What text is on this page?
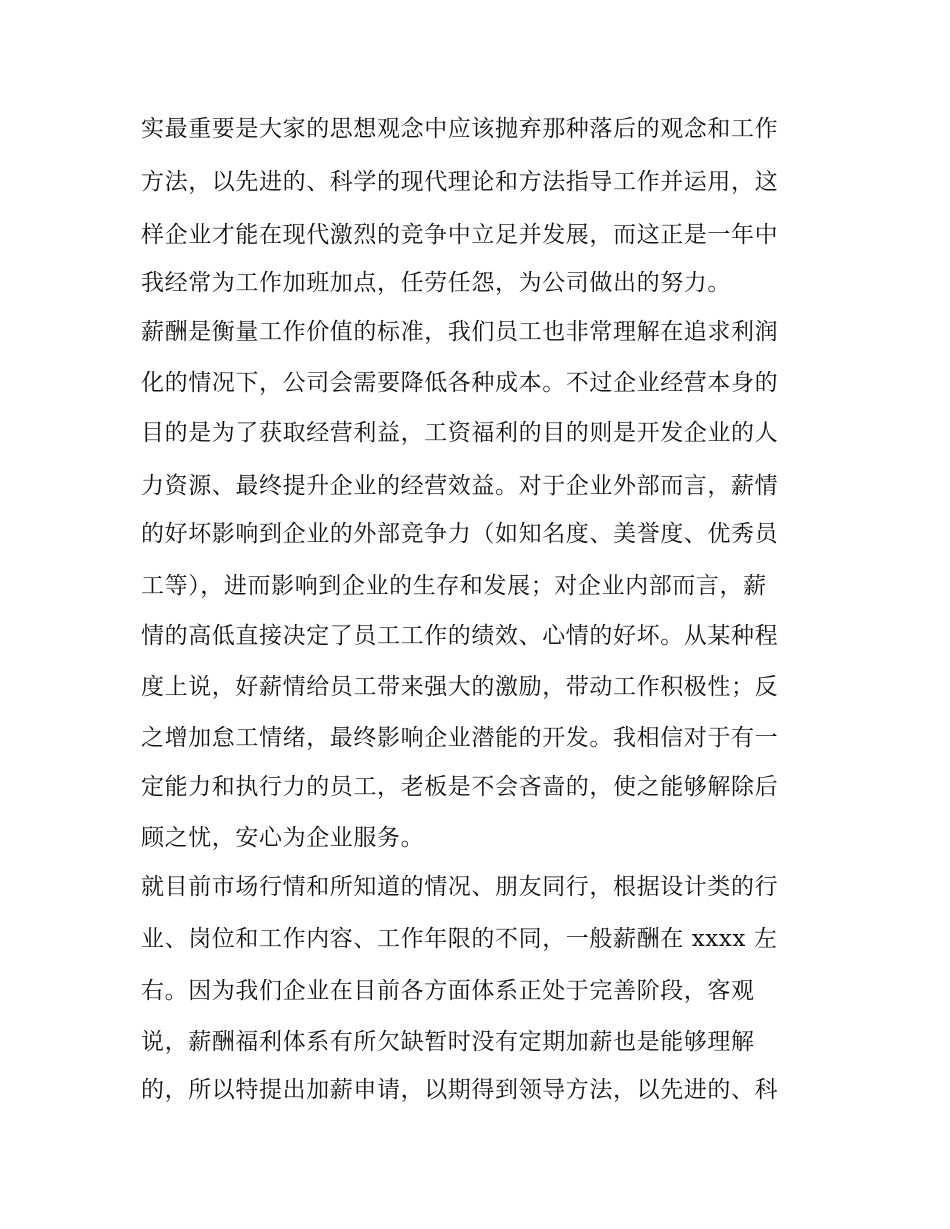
实最重要是大家的思想观念中应该抛弃那种落后的观念和工作
方法，以先进的、科学的现代理论和方法指导工作并运用，这
样企业才能在现代激烈的竞争中立足并发展，而这正是一年中
我经常为工作加班加点，任劳任怨，为公司做出的努力。
薪酬是衡量工作价值的标准，我们员工也非常理解在追求利润
化的情况下，公司会需要降低各种成本。不过企业经营本身的
目的是为了获取经营利益，工资福利的目的则是开发企业的人
力资源、最终提升企业的经营效益。对于企业外部而言，薪情
的好坏影响到企业的外部竞争力（如知名度、美誉度、优秀员
工等），进而影响到企业的生存和发展；对企业内部而言，薪
情的高低直接决定了员工工作的绩效、心情的好坏。从某种程
度上说，好薪情给员工带来强大的激励，带动工作积极性；反
之增加怠工情绪，最终影响企业潜能的开发。我相信对于有一
定能力和执行力的员工，老板是不会吝啬的，使之能够解除后
顾之忧，安心为企业服务。
就目前市场行情和所知道的情况、朋友同行，根据设计类的行
业、岗位和工作内容、工作年限的不同，一般薪酬在 xxxx 左
右。因为我们企业在目前各方面体系正处于完善阶段，客观
说，薪酬福利体系有所欠缺暂时没有定期加薪也是能够理解
的，所以特提出加薪申请，以期得到领导方法，以先进的、科
